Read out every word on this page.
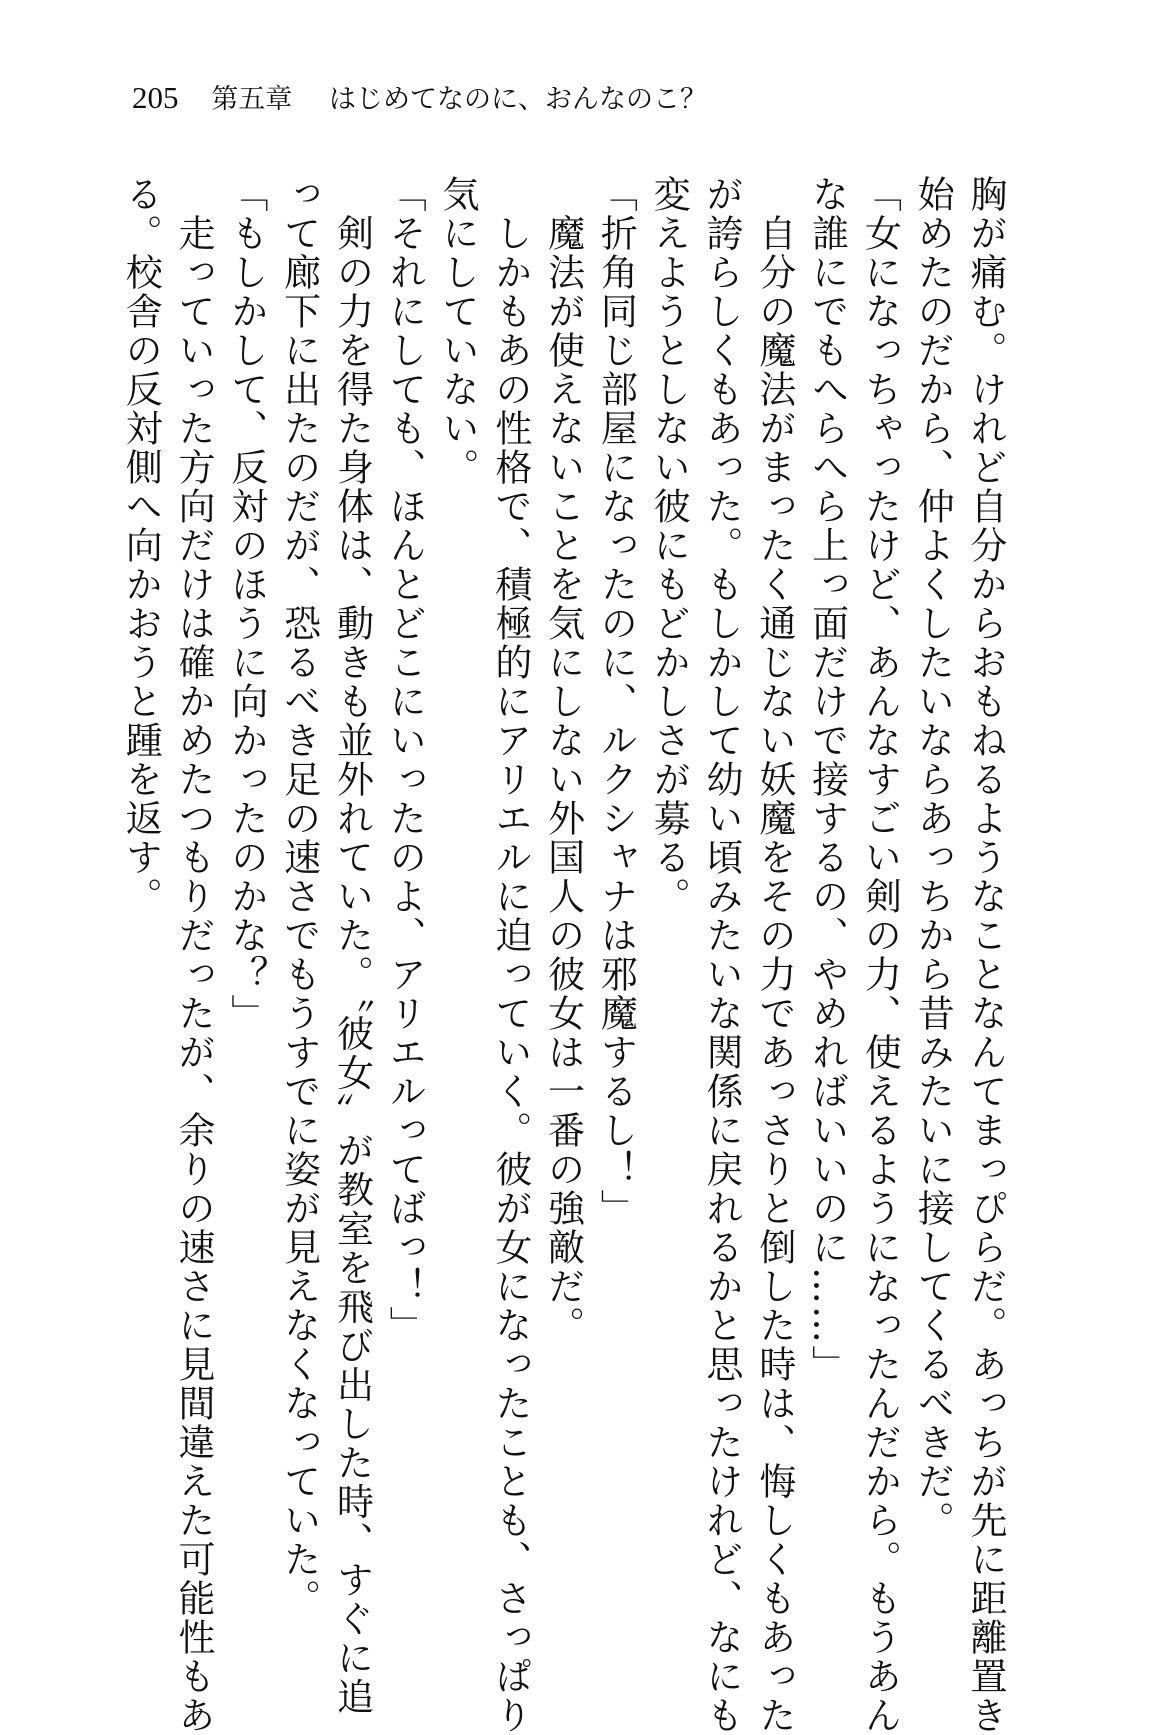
205 第五章 はじめてなのに、おんなのこ？

胸が痛む。けれど自分からおもねるようなことなんてまっぴらだ。あっちが先に距離置き

始めたのだから、仲よくしたいならあっちから昔みたいに接してくるべきだ。

「女になっちゃったけど、あんなすごい剣の力、使えるようになったんだから。もうあん

な誰にでもへらへら上っ面だけで接するの、やめればいいのに……」

　自分の魔法がまったく通じない妖魔をその力であっさりと倒した時は、悔しくもあった

が誇らしくもあった。もしかして幼い頃みたいな関係に戻れるかと思ったけれど、なにも

変えようとしない彼にもどかしさが募る。

「折角同じ部屋になったのに、ルクシャナは邪魔するし！」

　魔法が使えないことを気にしない外国人の彼女は一番の強敵だ。

　しかもあの性格で、積極的にアリエルに迫っていく。彼が女になったことも、さっぱり

気にしていない。

「それにしても、ほんとどこにいったのよ、アリエルってばっ！」

　剣の力を得た身体は、動きも並外れていた。〝彼女〟が教室を飛び出した時、すぐに追

って廊下に出たのだが、恐るべき足の速さでもうすでに姿が見えなくなっていた。

「もしかして、反対のほうに向かったのかな？」

　走っていった方向だけは確かめたつもりだったが、余りの速さに見間違えた可能性もあ

る。校舎の反対側へ向かおうと踵を返す。
